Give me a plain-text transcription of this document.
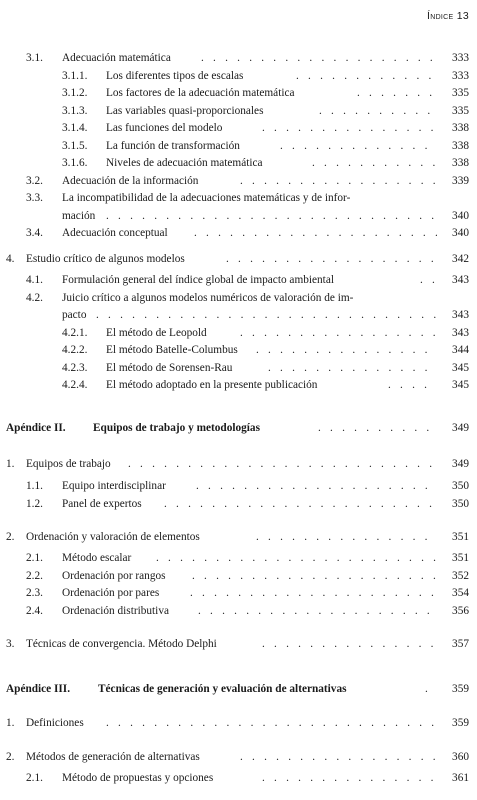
Índice 13
3.1. Adecuación matemática . . .	333
3.1.1. Los diferentes tipos de escalas . . .	333
3.1.2. Los factores de la adecuación matemática . . .	335
3.1.3. Las variables quasi-proporcionales . . .	335
3.1.4. Las funciones del modelo . . .	338
3.1.5. La función de transformación . . .	338
3.1.6. Niveles de adecuación matemática . . .	338
3.2. Adecuación de la información . . .	339
3.3. La incompatibilidad de la adecuaciones matemáticas y de infor-
mación . . .	340
3.4. Adecuación conceptual . . .	340
4. Estudio crítico de algunos modelos . . .	342
4.1. Formulación general del índice global de impacto ambiental . . .	343
4.2. Juicio crítico a algunos modelos numéricos de valoración de im-
pacto . . .	343
4.2.1. El método de Leopold . . .	343
4.2.2. El método Batelle-Columbus . . .	344
4.2.3. El método de Sorensen-Rau . . .	345
4.2.4. El método adoptado en la presente publicación . . .	345
Apéndice II. Equipos de trabajo y metodologías . . .	349
1. Equipos de trabajo . . .	349
1.1. Equipo interdisciplinar . . .	350
1.2. Panel de expertos . . .	350
2. Ordenación y valoración de elementos . . .	351
2.1. Método escalar . . .	351
2.2. Ordenación por rangos . . .	352
2.3. Ordenación por pares . . .	354
2.4. Ordenación distributiva . . .	356
3. Técnicas de convergencia. Método Delphi . . .	357
Apéndice III. Técnicas de generación y evaluación de alternativas . . .	359
1. Definiciones . . .	359
2. Métodos de generación de alternativas . . .	360
2.1. Método de propuestas y opciones . . .	361
